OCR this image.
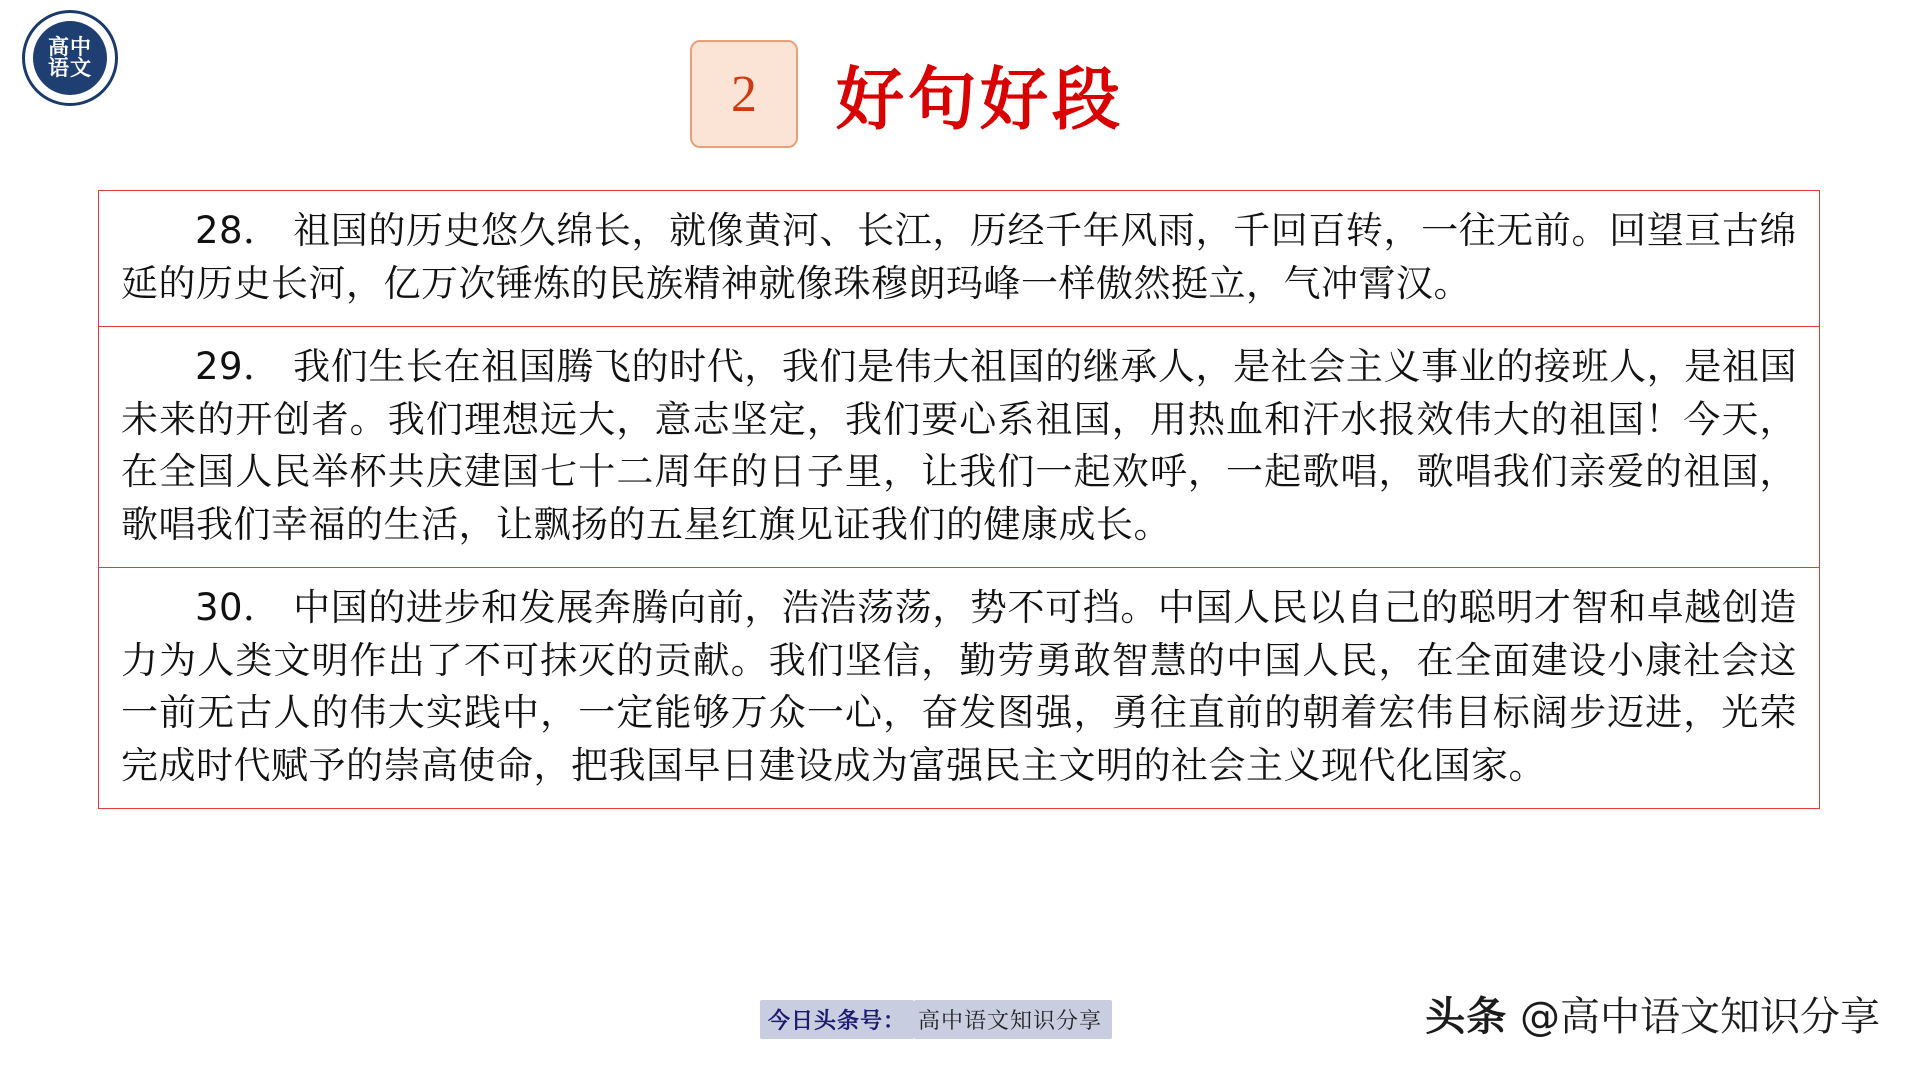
高中
语文	2	好句好段
28． 祖国的历史悠久绵长，就像黄河、长江，历经千年风雨，千回百转，一往无前。回望亘古绵延的历史长河，亿万次锤炼的民族精神就像珠穆朗玛峰一样傲然挺立，气冲霄汉。
29． 我们生长在祖国腾飞的时代，我们是伟大祖国的继承人，是社会主义事业的接班人，是祖国未来的开创者。我们理想远大，意志坚定，我们要心系祖国，用热血和汗水报效伟大的祖国！今天，在全国人民举杯共庆建国七十二周年的日子里，让我们一起欢呼，一起歌唱，歌唱我们亲爱的祖国，歌唱我们幸福的生活，让飘扬的五星红旗见证我们的健康成长。
30． 中国的进步和发展奔腾向前，浩浩荡荡，势不可挡。中国人民以自己的聪明才智和卓越创造力为人类文明作出了不可抹灭的贡献。我们坚信，勤劳勇敢智慧的中国人民，在全面建设小康社会这一前无古人的伟大实践中，一定能够万众一心，奋发图强，勇往直前的朝着宏伟目标阔步迈进，光荣完成时代赋予的崇高使命，把我国早日建设成为富强民主文明的社会主义现代化国家。
今日头条号： 高中语文知识分享	头条 @高中语文知识分享
